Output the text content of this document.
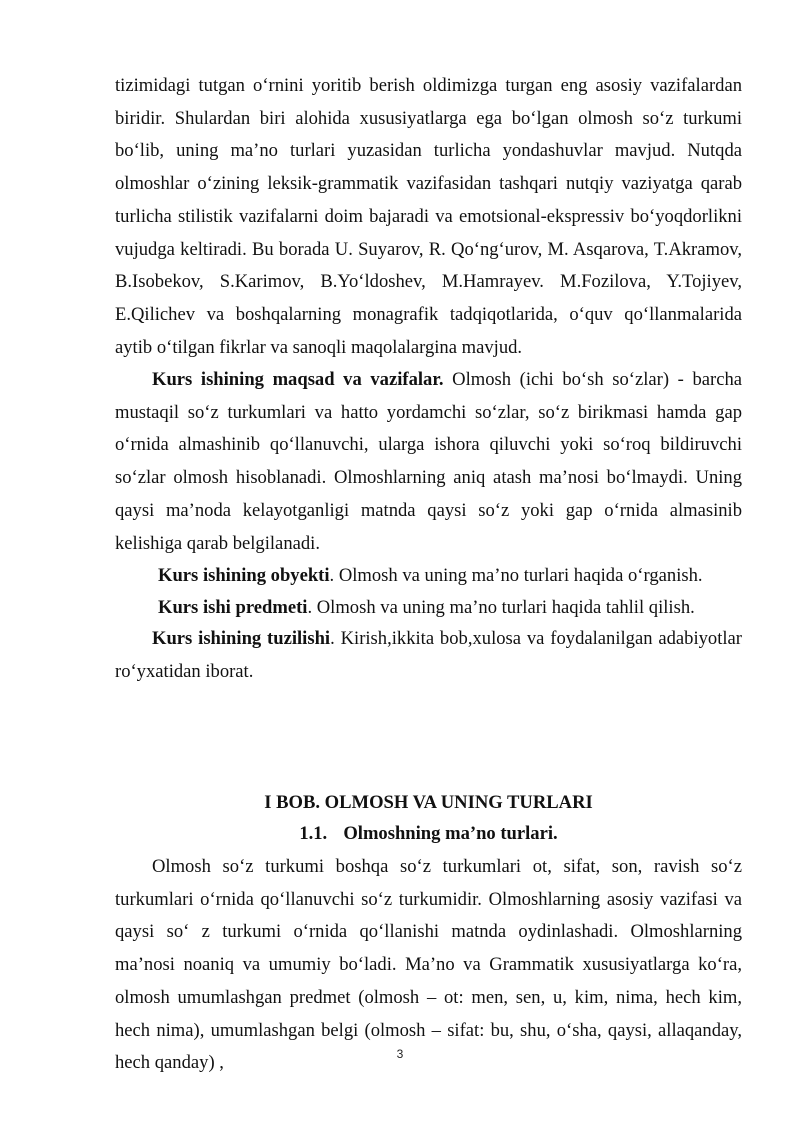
tizimidagi tutgan o‘rnini yoritib berish oldimizga turgan eng asosiy vazifalardan biridir. Shulardan biri alohida xususiyatlarga ega bo‘lgan olmosh so‘z turkumi bo‘lib, uning ma’no turlari yuzasidan turlicha yondashuvlar mavjud. Nutqda olmoshlar o‘zining leksik-grammatik vazifasidan tashqari nutqiy vaziyatga qarab turlicha stilistik vazifalarni doim bajaradi va emotsional-ekspressiv bo‘yoqdorlikni vujudga keltiradi. Bu borada U. Suyarov, R. Qo‘ng‘urov, M. Asqarova, T.Akramov, B.Isobekov, S.Karimov, B.Yo‘ldoshev, M.Hamrayev. M.Fozilova, Y.Tojiyev, E.Qilichev va boshqalarning monagrafik tadqiqotlarida, o‘quv qo‘llanmalarida aytib o‘tilgan fikrlar va sanoqli maqolalargina mavjud.

Kurs ishining maqsad va vazifalar. Olmosh (ichi bo‘sh so‘zlar) - barcha mustaqil so‘z turkumlari va hatto yordamchi so‘zlar, so‘z birikmasi hamda gap o‘rnida almashinib qo‘llanuvchi, ularga ishora qiluvchi yoki so‘roq bildiruvchi so‘zlar olmosh hisoblanadi. Olmoshlarning aniq atash ma’nosi bo‘lmaydi. Uning qaysi ma’noda kelayotganligi matnda qaysi so‘z yoki gap o‘rnida almasinib kelishiga qarab belgilanadi.

Kurs ishining obyekti. Olmosh va uning ma’no turlari haqida o‘rganish.

Kurs ishi predmeti. Olmosh va uning ma’no turlari haqida tahlil qilish.

Kurs ishining tuzilishi. Kirish,ikkita bob,xulosa va foydalanilgan adabiyotlar ro‘yxatidan iborat.

I BOB. OLMOSH VA UNING TURLARI

1.1. Olmoshning ma’no turlari.

Olmosh so‘z turkumi boshqa so‘z turkumlari ot, sifat, son, ravish so‘z turkumlari o‘rnida qo‘llanuvchi so‘z turkumidir. Olmoshlarning asosiy vazifasi va qaysi so‘ z turkumi o‘rnida qo‘llanishi matnda oydinlashadi. Olmoshlarning ma’nosi noaniq va umumiy bo‘ladi. Ma’no va Grammatik xususiyatlarga ko‘ra, olmosh umumlashgan predmet (olmosh – ot: men, sen, u, kim, nima, hech kim, hech nima), umumlashgan belgi (olmosh – sifat: bu, shu, o‘sha, qaysi, allaqanday, hech qanday) ,	3
